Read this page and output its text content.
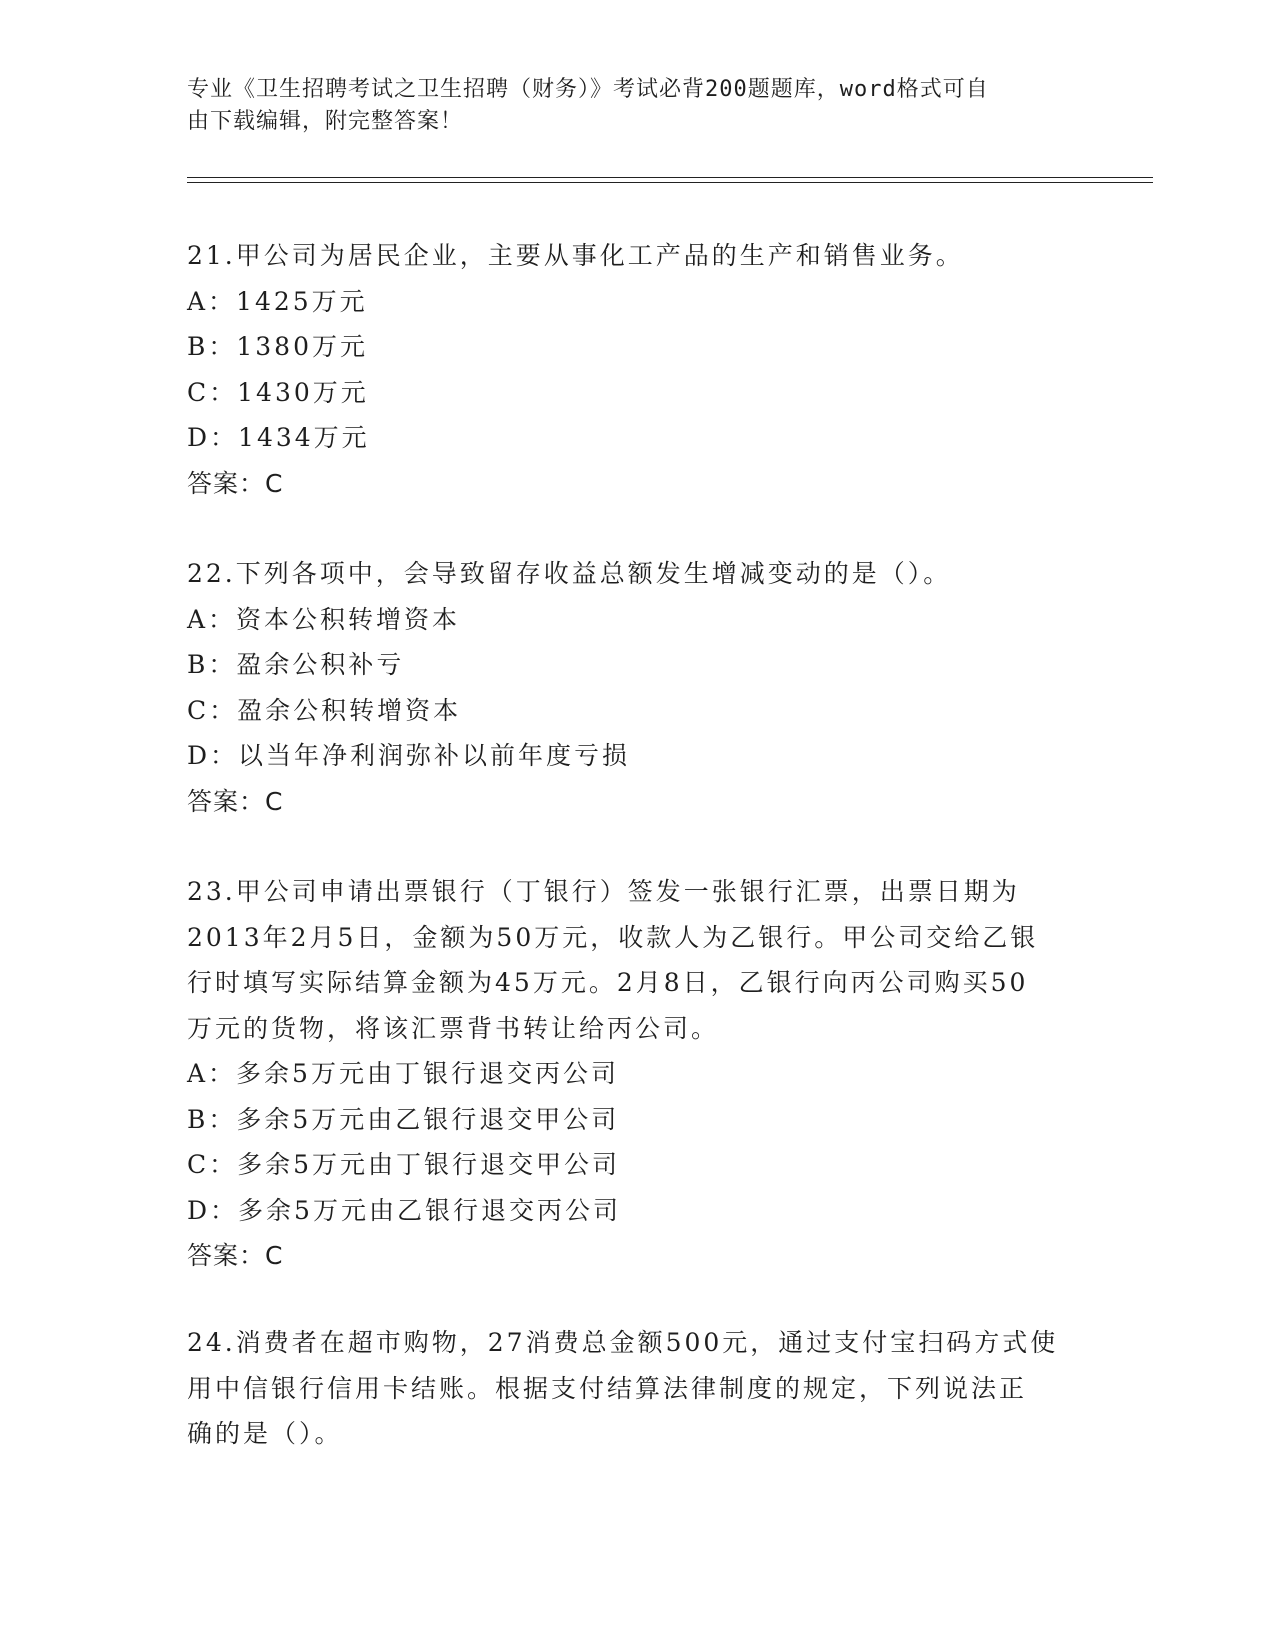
专业《卫生招聘考试之卫生招聘（财务）》考试必背200题题库，word格式可自
由下载编辑，附完整答案！
21.甲公司为居民企业，主要从事化工产品的生产和销售业务。
A：1425万元
B：1380万元
C：1430万元
D：1434万元
答案：C
22.下列各项中，会导致留存收益总额发生增减变动的是（）。
A：资本公积转增资本
B：盈余公积补亏
C：盈余公积转增资本
D：以当年净利润弥补以前年度亏损
答案：C
23.甲公司申请出票银行（丁银行）签发一张银行汇票，出票日期为
2013年2月5日，金额为50万元，收款人为乙银行。甲公司交给乙银
行时填写实际结算金额为45万元。2月8日，乙银行向丙公司购买50
万元的货物，将该汇票背书转让给丙公司。
A：多余5万元由丁银行退交丙公司
B：多余5万元由乙银行退交甲公司
C：多余5万元由丁银行退交甲公司
D：多余5万元由乙银行退交丙公司
答案：C
24.消费者在超市购物，27消费总金额500元，通过支付宝扫码方式使
用中信银行信用卡结账。根据支付结算法律制度的规定，下列说法正
确的是（）。
